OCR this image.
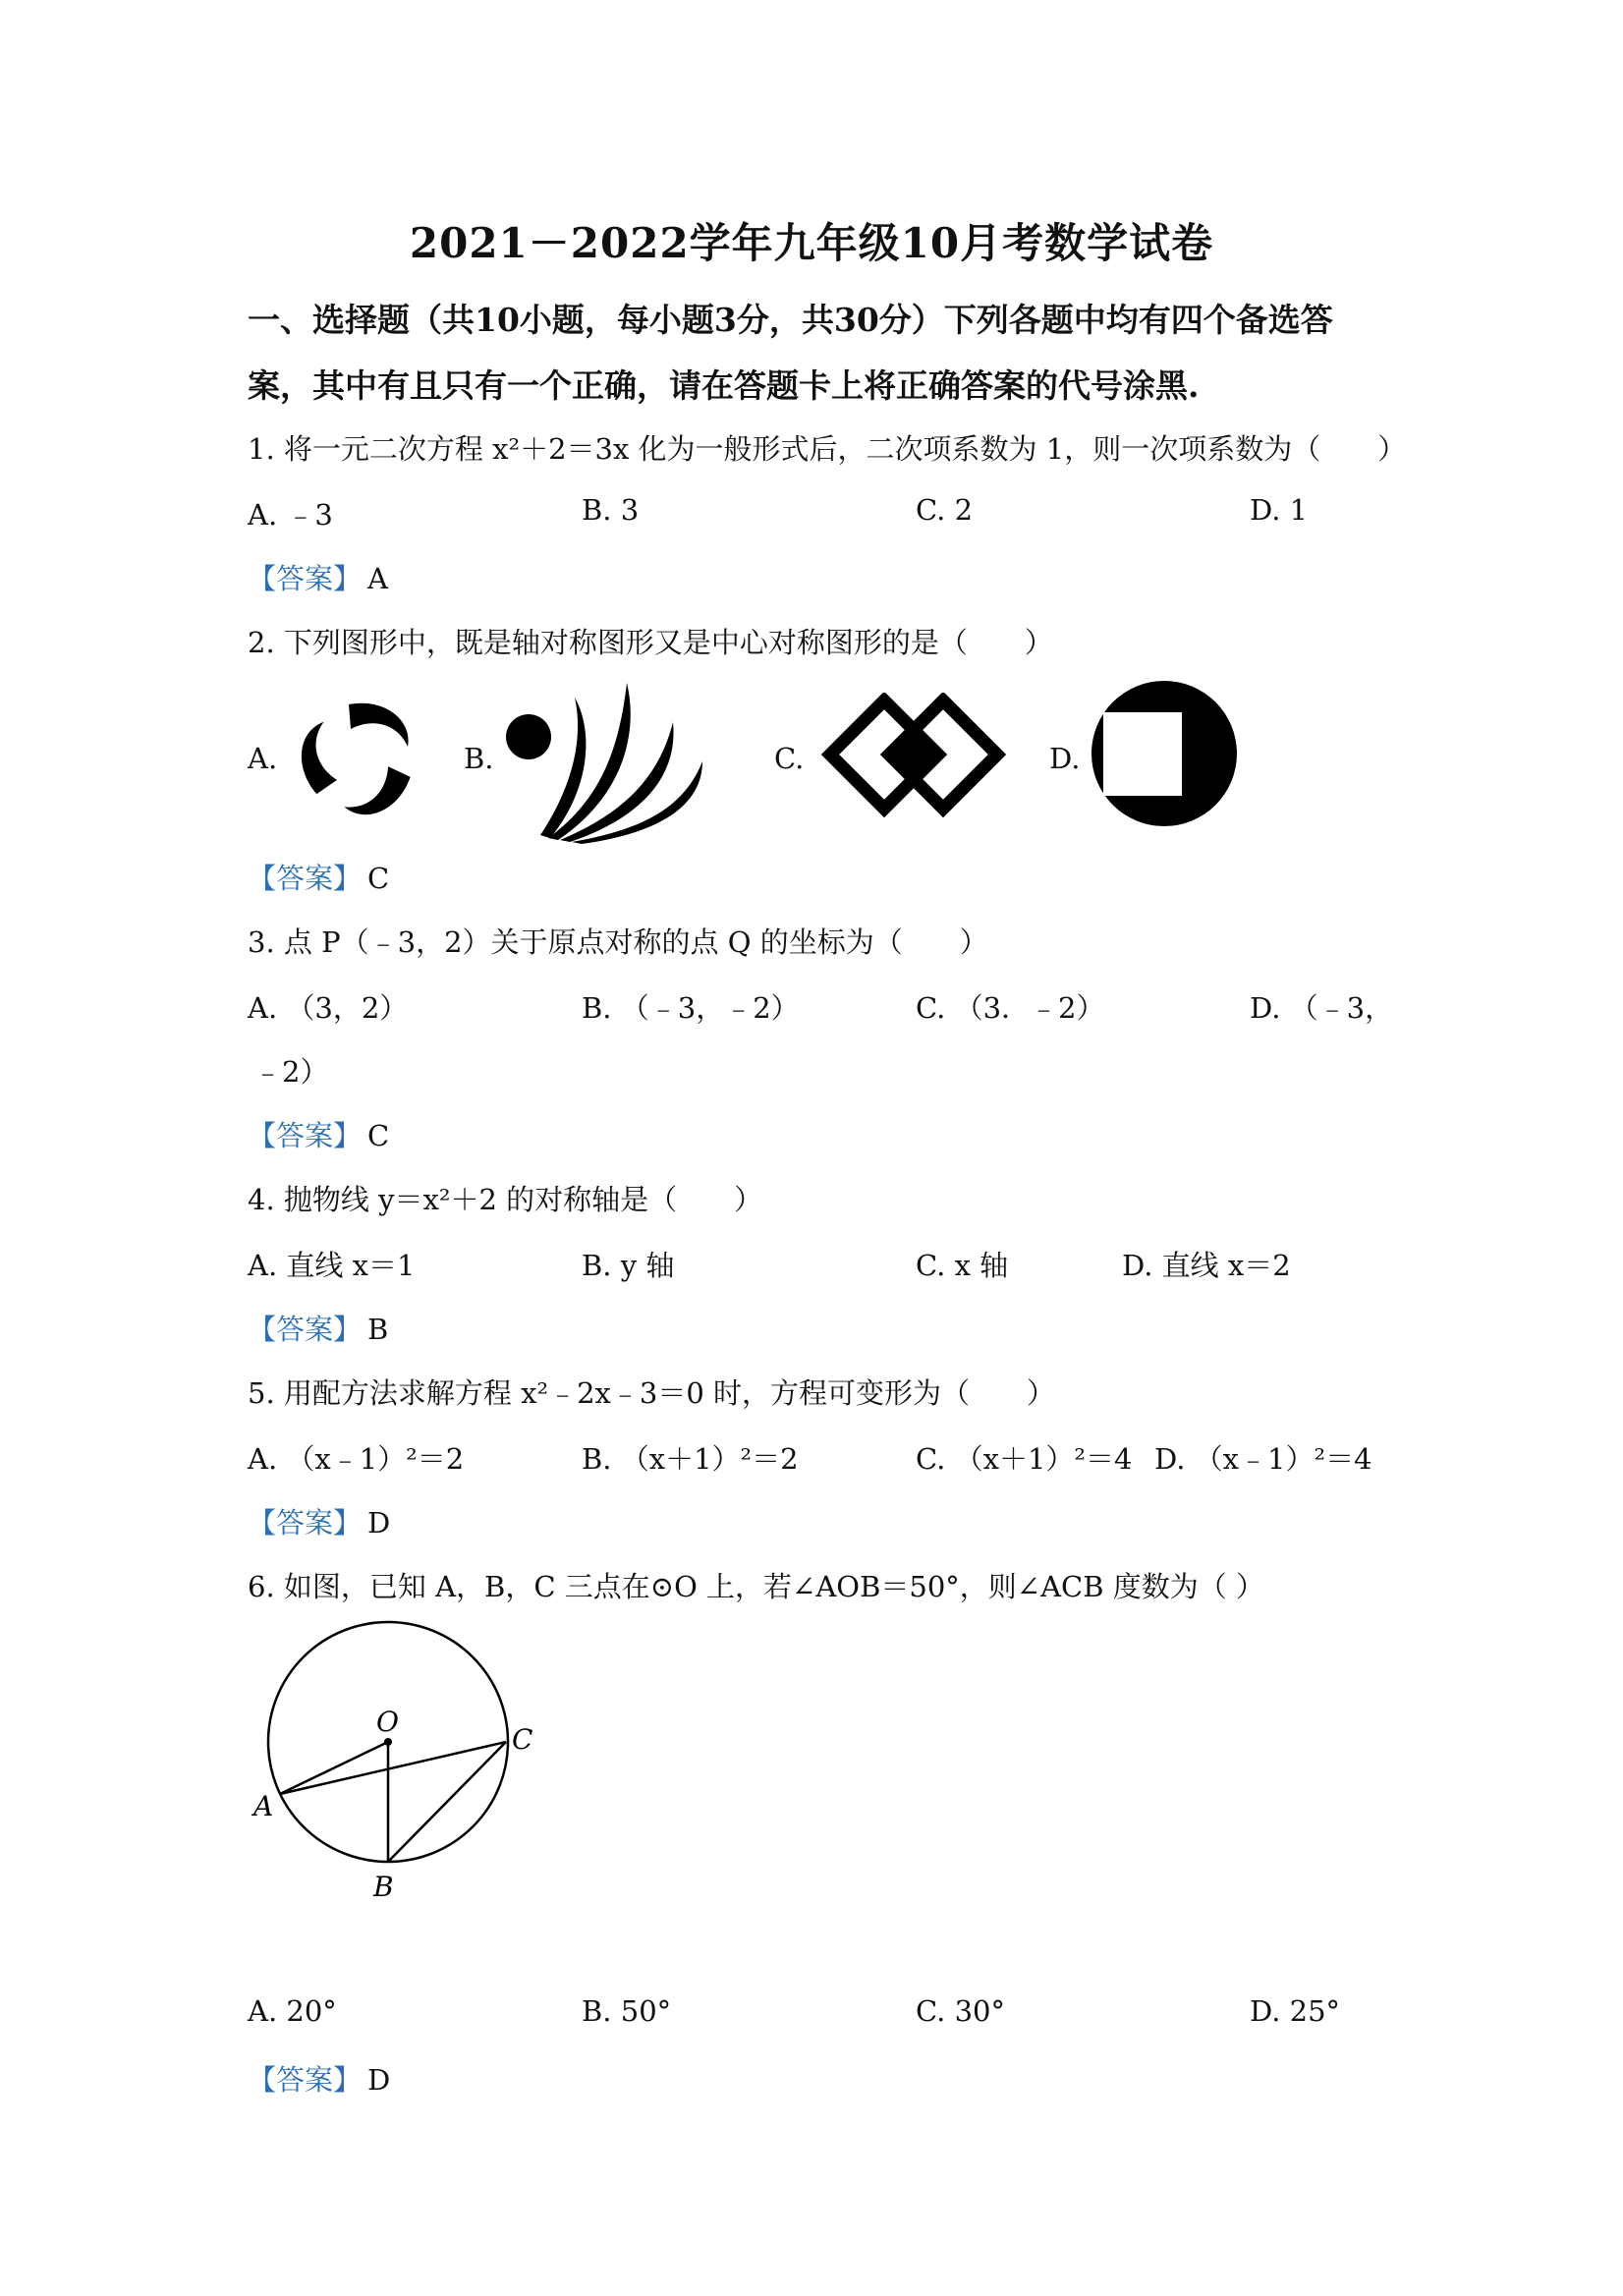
2021－2022学年九年级10月考数学试卷
一、选择题（共10小题，每小题3分，共30分）下列各题中均有四个备选答
案，其中有且只有一个正确，请在答题卡上将正确答案的代号涂黑.
1. 将一元二次方程 x²＋2＝3x 化为一般形式后，二次项系数为 1，则一次项系数为（　　）
A. ﹣3	B. 3	C. 2	D. 1
【答案】 A
2. 下列图形中，既是轴对称图形又是中心对称图形的是（　　）
A.	B.	C.	D.
【答案】 C
3. 点 P（﹣3，2）关于原点对称的点 Q 的坐标为（　　）
A. （3，2）	B. （﹣3，﹣2）	C. （3．﹣2）	D. （﹣3，
﹣2）
【答案】 C
4. 抛物线 y＝x²＋2 的对称轴是（　　）
A. 直线 x＝1	B. y 轴	C. x 轴	D. 直线 x＝2
【答案】 B
5. 用配方法求解方程 x²﹣2x﹣3＝0 时，方程可变形为（　　）
A. （x﹣1）²＝2	B. （x＋1）²＝2	C. （x＋1）²＝4 D. （x﹣1）²＝4
【答案】 D
6. 如图，已知 A，B，C 三点在⊙O 上，若∠AOB＝50°，则∠ACB 度数为（ ）
O
A
B
C
A. 20°	B. 50°	C. 30°	D. 25°
【答案】 D
